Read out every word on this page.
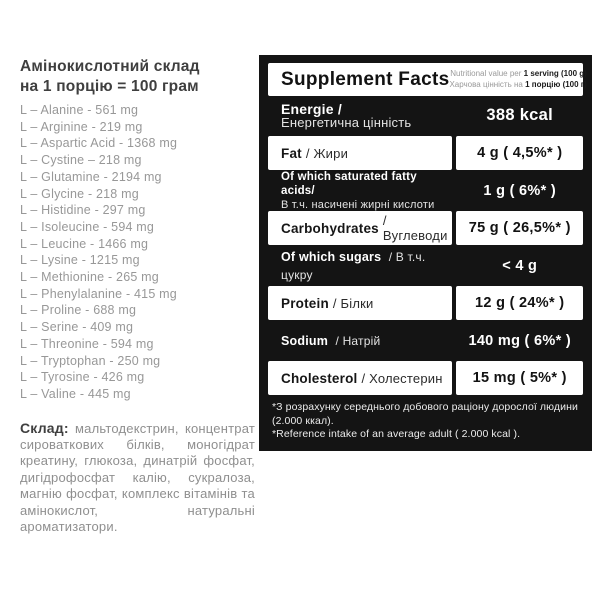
Амінокислотний склад
на 1 порцію = 100 грам
L – Alanine - 561 mg
L – Arginine - 219 mg
L – Aspartic Acid - 1368 mg
L – Cystine – 218 mg
L – Glutamine - 2194 mg
L – Glycine - 218 mg
L – Histidine - 297 mg
L – Isoleucine - 594 mg
L – Leucine - 1466 mg
L – Lysine - 1215 mg
L – Methionine - 265 mg
L – Phenylalanine - 415 mg
L – Proline - 688 mg
L – Serine - 409 mg
L – Threonine - 594 mg
L – Tryptophan - 250 mg
L – Tyrosine - 426 mg
L – Valine - 445 mg

Склад: мальтодекстрин, концентрат сироваткових білків, моногідрат креатину, глюкоза, динатрій фосфат, дигідрофосфат калію, сукралоза, магнію фосфат, комплекс вітамінів та амінокислот, натуральні ароматизатори.

Supplement Facts Nutritional value per 1 serving (100 g)
Харчова цінність на 1 порцію (100 г)
Energie /
Енергетична цінність	388 kcal
Fat / Жири	4 g ( 4,5%* )
Of which saturated fatty acids/
В т.ч. насичені жирні кислоти
1 g ( 6%* )
Carbohydrates / Вуглеводи	75 g ( 26,5%* )
Of which sugars / В т.ч. цукру
< 4 g
Protein / Білки	12 g ( 24%* )
Sodium / Натрій	140 mg ( 6%* )
Cholesterol / Холестерин	15 mg ( 5%* )
*З розрахунку середнього добового раціону дорослої людини (2.000 ккал).
*Reference intake of an average adult ( 2.000 kcal ).
